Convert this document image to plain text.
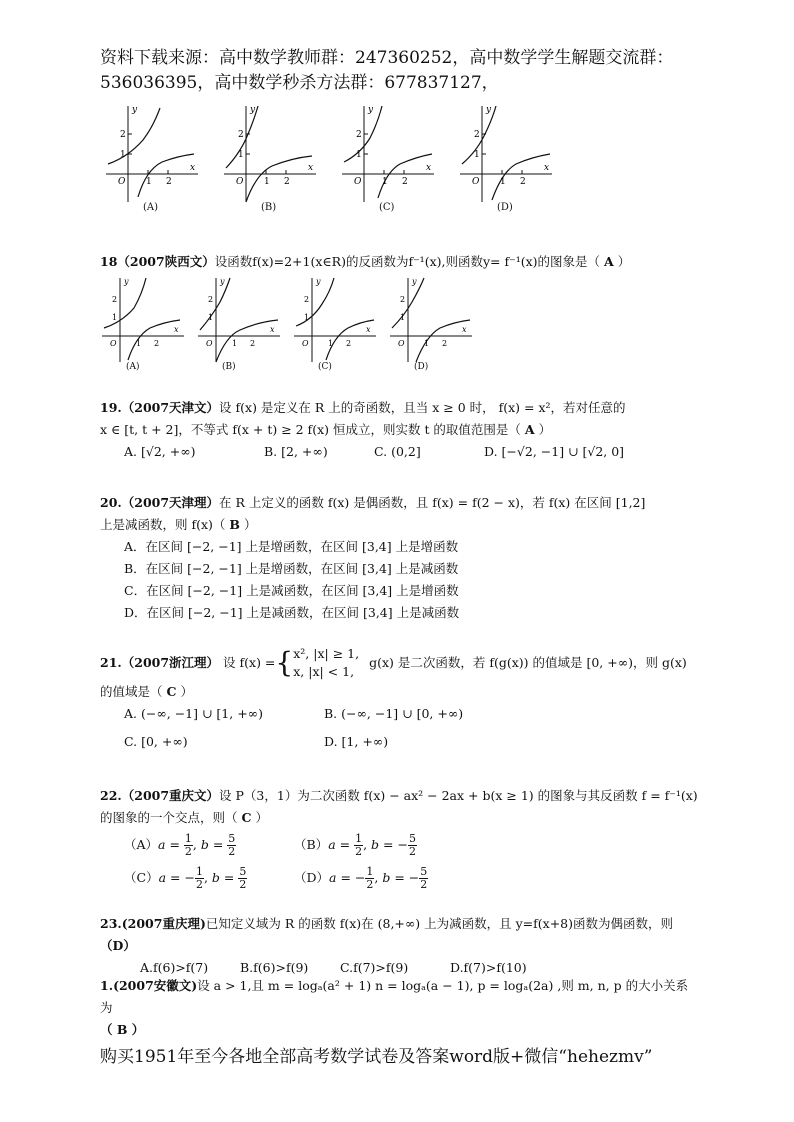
资料下载来源：高中数学教师群：247360252，高中数学学生解题交流群：
536036395，高中数学秒杀方法群：677837127，
y
x
O 1 2
1
2
(A)
y
x
O 1 2
1
2
(B)
y
x
O 1 2
1
2
(C)
y
x
O 1 2
1
2
(D)
18（2007陕西文）设函数f(x)=2+1(x∈R)的反函数为f⁻¹(x),则函数y= f⁻¹(x)的图象是（ A ）
y
x
O 1 2
1
2
(A)
y
x
O 1 2
1
2
(B)
y
x
O 1 2
1
2
(C)
y
x
O 1 2
1
2
(D)
19.（2007天津文）设 f(x) 是定义在 R 上的奇函数，且当 x ≥ 0 时， f(x) = x²，若对任意的
x ∈ [t, t + 2]，不等式 f(x + t) ≥ 2 f(x) 恒成立，则实数 t 的取值范围是（ A ）
A. [√2, +∞)	B. [2, +∞)	C. (0,2]	D. [−√2, −1] ∪ [√2, 0]
20.（2007天津理）在 R 上定义的函数 f(x) 是偶函数，且 f(x) = f(2 − x)，若 f(x) 在区间 [1,2]
上是减函数，则 f(x)（ B ）
A．在区间 [−2, −1] 上是增函数，在区间 [3,4] 上是增函数
B．在区间 [−2, −1] 上是增函数，在区间 [3,4] 上是减函数
C．在区间 [−2, −1] 上是减函数，在区间 [3,4] 上是增函数
D．在区间 [−2, −1] 上是减函数，在区间 [3,4] 上是减函数
21. （2007浙江理） 设 f(x) = { x², |x| ≥ 1,
x, |x| < 1,
g(x) 是二次函数，若 f(g(x)) 的值域是 [0, +∞)，则 g(x)
的值域是（ C ）
A. (−∞, −1] ∪ [1, +∞)	B. (−∞, −1] ∪ [0, +∞)
C. [0, +∞)	D. [1, +∞)
22.（2007重庆文）设 P（3，1）为二次函数 f(x) − ax² − 2ax + b(x ≥ 1) 的图象与其反函数 f = f⁻¹(x)
的图象的一个交点，则（ C ）
$(A)a = \frac{1}{2}$ , $b = \frac{5}{2}$	$(B)a = \frac{1}{2}$ , b = − $\frac{5}{2}$
（C）a = − $\frac{1}{2}$ , $b = \frac{5}{2}$	（D）a = − $\frac{1}{2}$ , b = − $\frac{5}{2}$
23.(2007重庆理)已知定义域为 R 的函数 f(x)在 (8,+∞) 上为减函数，且 y=f(x+8)函数为偶函数，则
（D）
A.f(6)>f(7)	B.f(6)>f(9)	C.f(7)>f(9)	D.f(7)>f(10)
1.(2007安徽文)设 a > 1,且 m = logₐ(a² + 1) n = logₐ(a − 1), p = logₐ(2a) ,则 m, n, p 的大小关系为
（ B ）
购买1951年至今各地全部高考数学试卷及答案word版+微信“hehezmv”
